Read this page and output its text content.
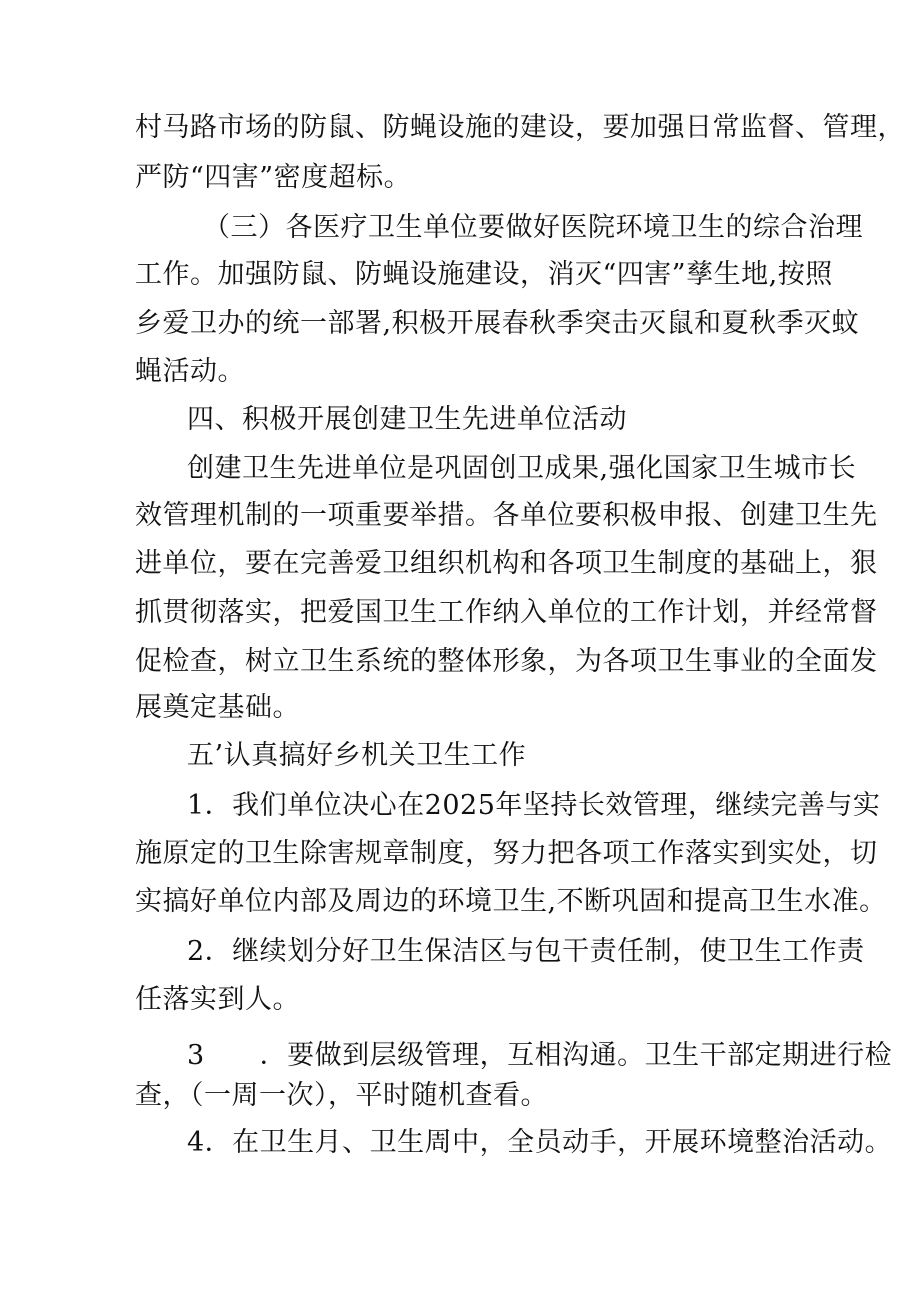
村马路市场的防鼠、防蝇设施的建设，要加强日常监督、管理，
严防“四害”密度超标。
（三）各医疗卫生单位要做好医院环境卫生的综合治理
工作。加强防鼠、防蝇设施建设，消灭“四害”孳生地,按照
乡爱卫办的统一部署,积极开展春秋季突击灭鼠和夏秋季灭蚊
蝇活动。
四、积极开展创建卫生先进单位活动
创建卫生先进单位是巩固创卫成果,强化国家卫生城市长
效管理机制的一项重要举措。各单位要积极申报、创建卫生先
进单位，要在完善爱卫组织机构和各项卫生制度的基础上，狠
抓贯彻落实，把爱国卫生工作纳入单位的工作计划，并经常督
促检查，树立卫生系统的整体形象，为各项卫生事业的全面发
展奠定基础。
五’认真搞好乡机关卫生工作
1．我们单位决心在2025年坚持长效管理，继续完善与实
施原定的卫生除害规章制度，努力把各项工作落实到实处，切
实搞好单位内部及周边的环境卫生,不断巩固和提高卫生水准。
2．继续划分好卫生保洁区与包干责任制，使卫生工作责
任落实到人。
3　　．要做到层级管理，互相沟通。卫生干部定期进行检
查，（一周一次），平时随机查看。
4．在卫生月、卫生周中，全员动手，开展环境整治活动。
